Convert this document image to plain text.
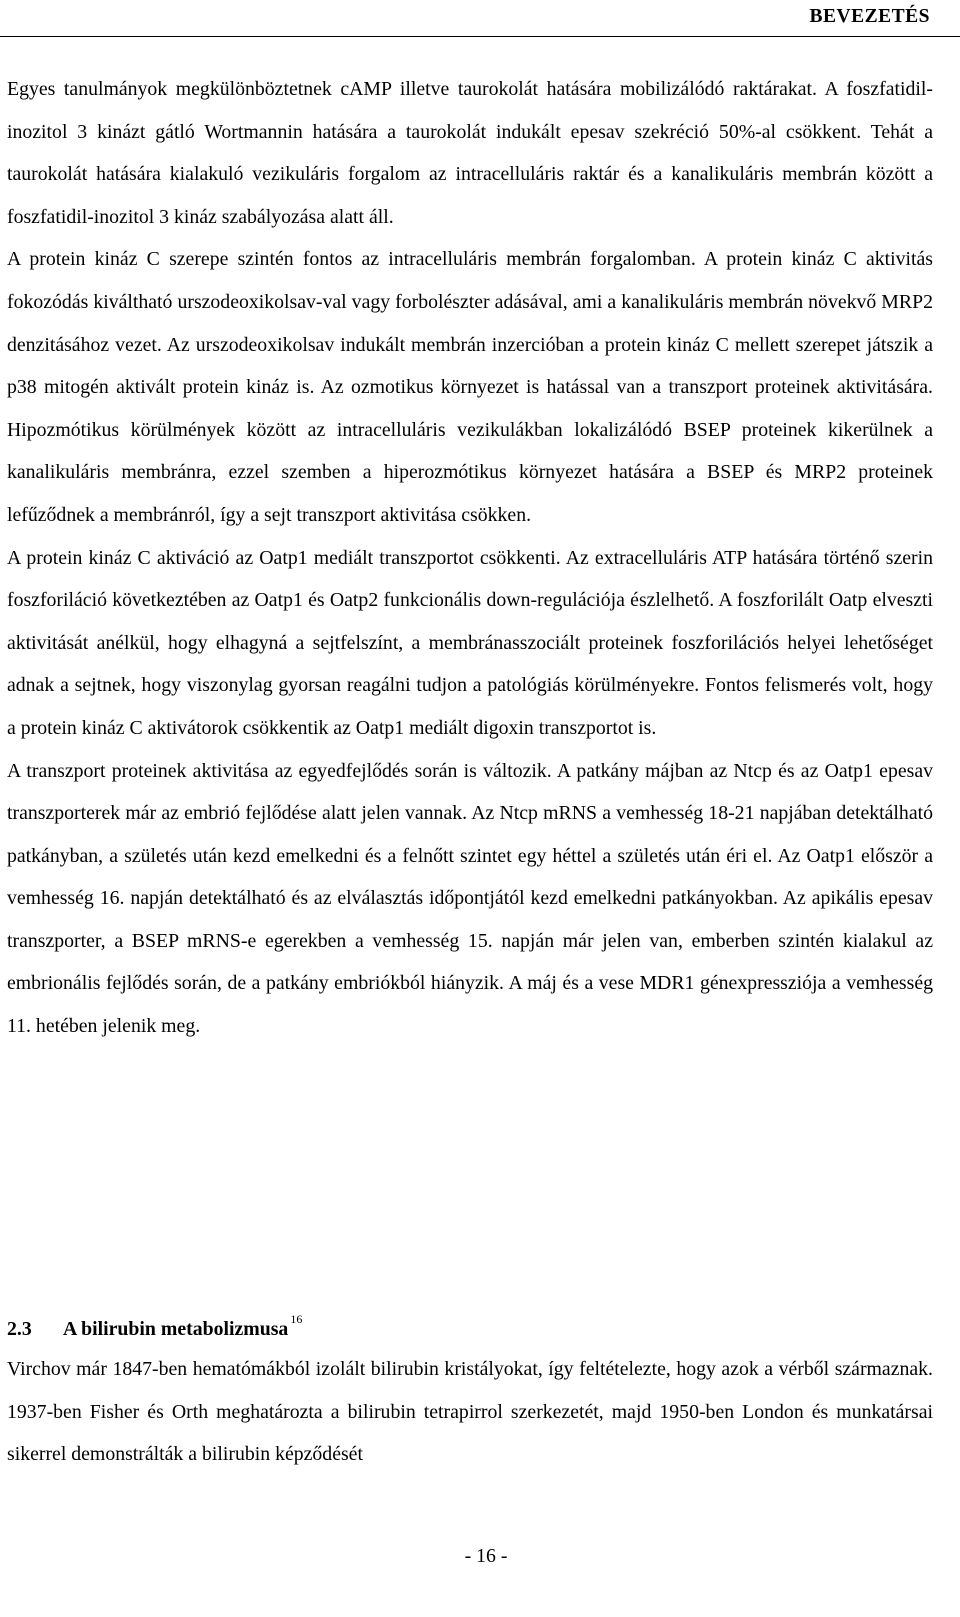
BEVEZETÉS

Egyes tanulmányok megkülönböztetnek cAMP illetve taurokolát hatására mobilizálódó raktárakat. A foszfatidil-inozitol 3 kinázt gátló Wortmannin hatására a taurokolát indukált epesav szekréció 50%-al csökkent. Tehát a taurokolát hatására kialakuló vezikuláris forgalom az intracelluláris raktár és a kanalikuláris membrán között a foszfatidil-inozitol 3 kináz szabályozása alatt áll.

A protein kináz C szerepe szintén fontos az intracelluláris membrán forgalomban. A protein kináz C aktivitás fokozódás kiváltható urszodeoxikolsav-val vagy forbolészter adásával, ami a kanalikuláris membrán növekvő MRP2 denzitásához vezet. Az urszodeoxikolsav indukált membrán inzercióban a protein kináz C mellett szerepet játszik a p38 mitogén aktivált protein kináz is. Az ozmotikus környezet is hatással van a transzport proteinek aktivitására. Hipozmótikus körülmények között az intracelluláris vezikulákban lokalizálódó BSEP proteinek kikerülnek a kanalikuláris membránra, ezzel szemben a hiperozmótikus környezet hatására a BSEP és MRP2 proteinek lefűződnek a membránról, így a sejt transzport aktivitása csökken.

A protein kináz C aktiváció az Oatp1 mediált transzportot csökkenti. Az extracelluláris ATP hatására történő szerin foszforiláció következtében az Oatp1 és Oatp2 funkcionális down-regulációja észlelhető. A foszforilált Oatp elveszti aktivitását anélkül, hogy elhagyná a sejtfelszínt, a membránasszociált proteinek foszforilációs helyei lehetőséget adnak a sejtnek, hogy viszonylag gyorsan reagálni tudjon a patológiás körülményekre. Fontos felismerés volt, hogy a protein kináz C aktivátorok csökkentik az Oatp1 mediált digoxin transzportot is.

A transzport proteinek aktivitása az egyedfejlődés során is változik. A patkány májban az Ntcp és az Oatp1 epesav transzporterek már az embrió fejlődése alatt jelen vannak. Az Ntcp mRNS a vemhesség 18-21 napjában detektálható patkányban, a születés után kezd emelkedni és a felnőtt szintet egy héttel a születés után éri el. Az Oatp1 először a vemhesség 16. napján detektálható és az elválasztás időpontjától kezd emelkedni patkányokban. Az apikális epesav transzporter, a BSEP mRNS-e egerekben a vemhesség 15. napján már jelen van, emberben szintén kialakul az embrionális fejlődés során, de a patkány embriókból hiányzik. A máj és a vese MDR1 génexpressziója a vemhesség 11. hetében jelenik meg.

2.3 A bilirubin metabolizmusa $^{16}$

Virchov már 1847-ben hematómákból izolált bilirubin kristályokat, így feltételezte, hogy azok a vérből származnak. 1937-ben Fisher és Orth meghatározta a bilirubin tetrapirrol szerkezetét, majd 1950-ben London és munkatársai sikerrel demonstrálták a bilirubin képződését

- 16 -
